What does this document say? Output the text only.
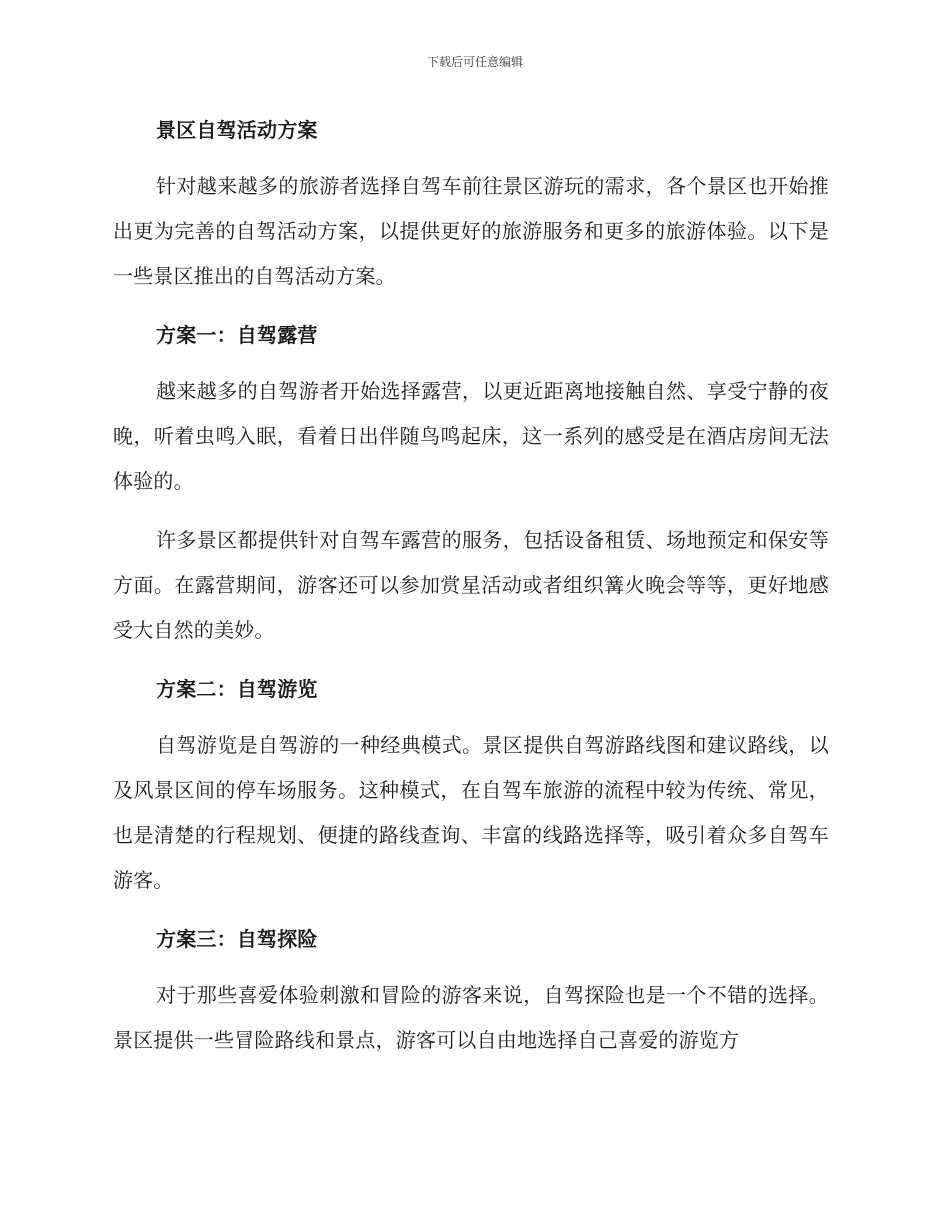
下载后可任意编辑
景区自驾活动方案

针对越来越多的旅游者选择自驾车前往景区游玩的需求，各个景区也开始推出更为完善的自驾活动方案，以提供更好的旅游服务和更多的旅游体验。以下是一些景区推出的自驾活动方案。

方案一：自驾露营

越来越多的自驾游者开始选择露营，以更近距离地接触自然、享受宁静的夜晚，听着虫鸣入眠，看着日出伴随鸟鸣起床，这一系列的感受是在酒店房间无法体验的。

许多景区都提供针对自驾车露营的服务，包括设备租赁、场地预定和保安等方面。在露营期间，游客还可以参加赏星活动或者组织篝火晚会等等，更好地感受大自然的美妙。

方案二：自驾游览

自驾游览是自驾游的一种经典模式。景区提供自驾游路线图和建议路线，以及风景区间的停车场服务。这种模式，在自驾车旅游的流程中较为传统、常见，也是清楚的行程规划、便捷的路线查询、丰富的线路选择等，吸引着众多自驾车游客。

方案三：自驾探险

对于那些喜爱体验刺激和冒险的游客来说，自驾探险也是一个不错的选择。景区提供一些冒险路线和景点，游客可以自由地选择自己喜爱的游览方
